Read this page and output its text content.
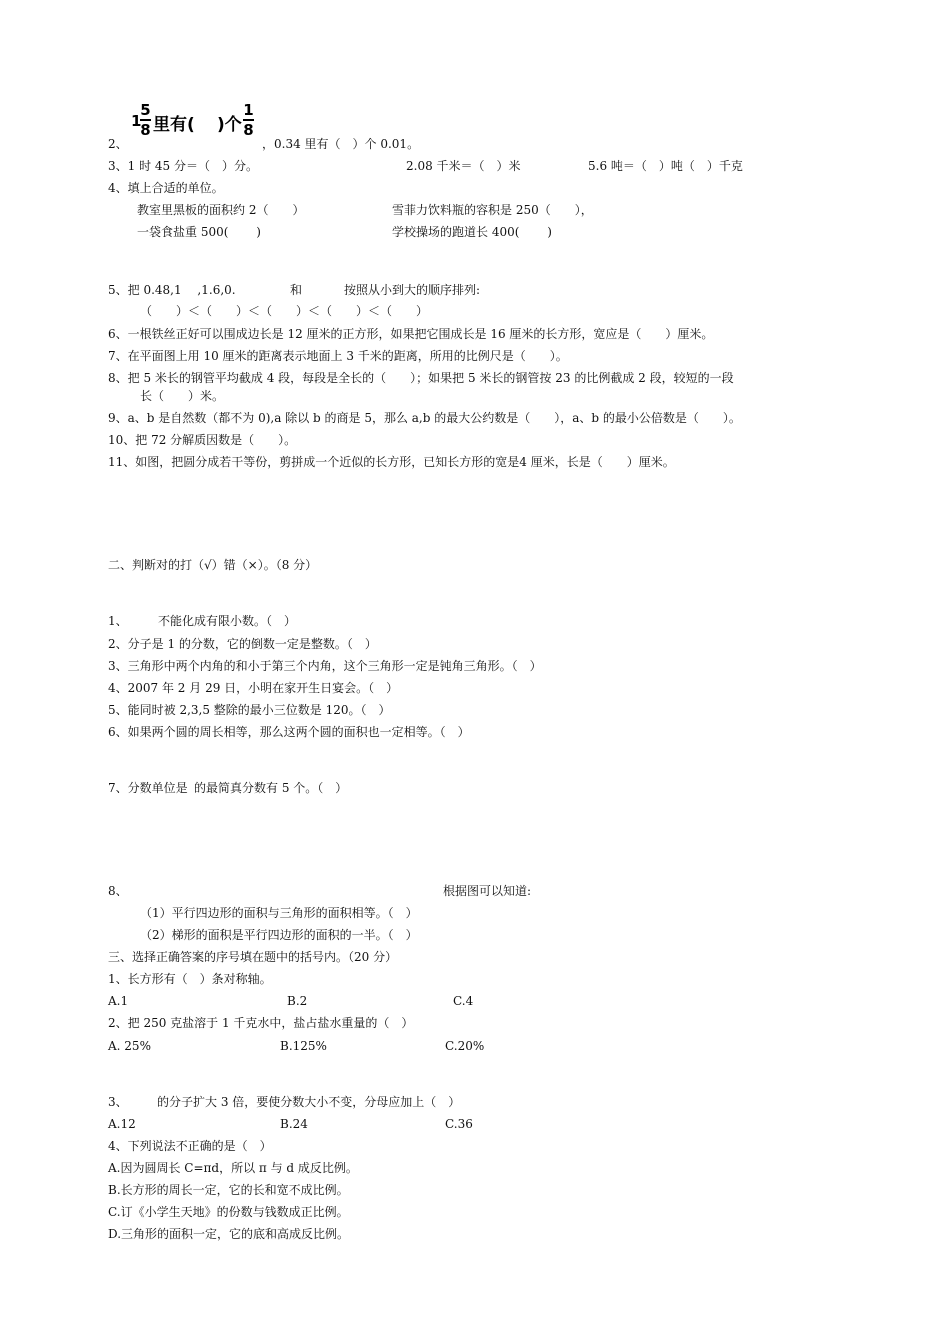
1
5
8 里有( )个
1
8
2、	，0.34 里有（　）个 0.01。
3、1 时 45 分＝（　）分。	2.08 千米＝（　）米	5.6 吨＝（　）吨（　）千克
4、填上合适的单位。
教室里黑板的面积约 2（　　）	雪菲力饮料瓶的容积是 250（　　），
一袋食盐重 500(　　 )	学校操场的跑道长 400(　　 )
5、把 0.48,1 　,1.6,0.	和	按照从小到大的顺序排列:
（　　）＜（　　）＜（　　）＜（　　）＜（　　）
6、一根铁丝正好可以围成边长是 12 厘米的正方形，如果把它围成长是 16 厘米的长方形，宽应是（　　）厘米。
7、在平面图上用 10 厘米的距离表示地面上 3 千米的距离，所用的比例尺是（　　）。
8、把 5 米长的钢管平均截成 4 段，每段是全长的（　　）；如果把 5 米长的钢管按 23 的比例截成 2 段，较短的一段
长（　　）米。
9、a、b 是自然数（都不为 0),a 除以 b 的商是 5，那么 a,b 的最大公约数是（　　），a、b 的最小公倍数是（　　）。
10、把 72 分解质因数是（　　）。
11、如图，把圆分成若干等份，剪拼成一个近似的长方形，已知长方形的宽是4 厘米，长是（　　）厘米。
二、判断对的打（√）错（×）。（8 分）
1、	不能化成有限小数。（　）
2、分子是 1 的分数，它的倒数一定是整数。（　）
3、三角形中两个内角的和小于第三个内角，这个三角形一定是钝角三角形。（　）
4、2007 年 2 月 29 日，小明在家开生日宴会。（　）
5、能同时被 2,3,5 整除的最小三位数是 120。（　）
6、如果两个圆的周长相等，那么这两个圆的面积也一定相等。（　）
7、分数单位是 的最简真分数有 5 个。（　）
8、	根据图可以知道:
（1）平行四边形的面积与三角形的面积相等。（　）
（2）梯形的面积是平行四边形的面积的一半。（　）
三、选择正确答案的序号填在题中的括号内。（20 分）
1、长方形有（　）条对称轴。
A.1	B.2	C.4
2、把 250 克盐溶于 1 千克水中，盐占盐水重量的（　）
A. 25%	B.125%	C.20%
3、 的分子扩大 3 倍，要使分数大小不变，分母应加上（　）
A.12	B.24	C.36
4、下列说法不正确的是（　）
A.因为圆周长 C=πd，所以 π 与 d 成反比例。
B.长方形的周长一定，它的长和宽不成比例。
C.订《小学生天地》的份数与钱数成正比例。
D.三角形的面积一定，它的底和高成反比例。
